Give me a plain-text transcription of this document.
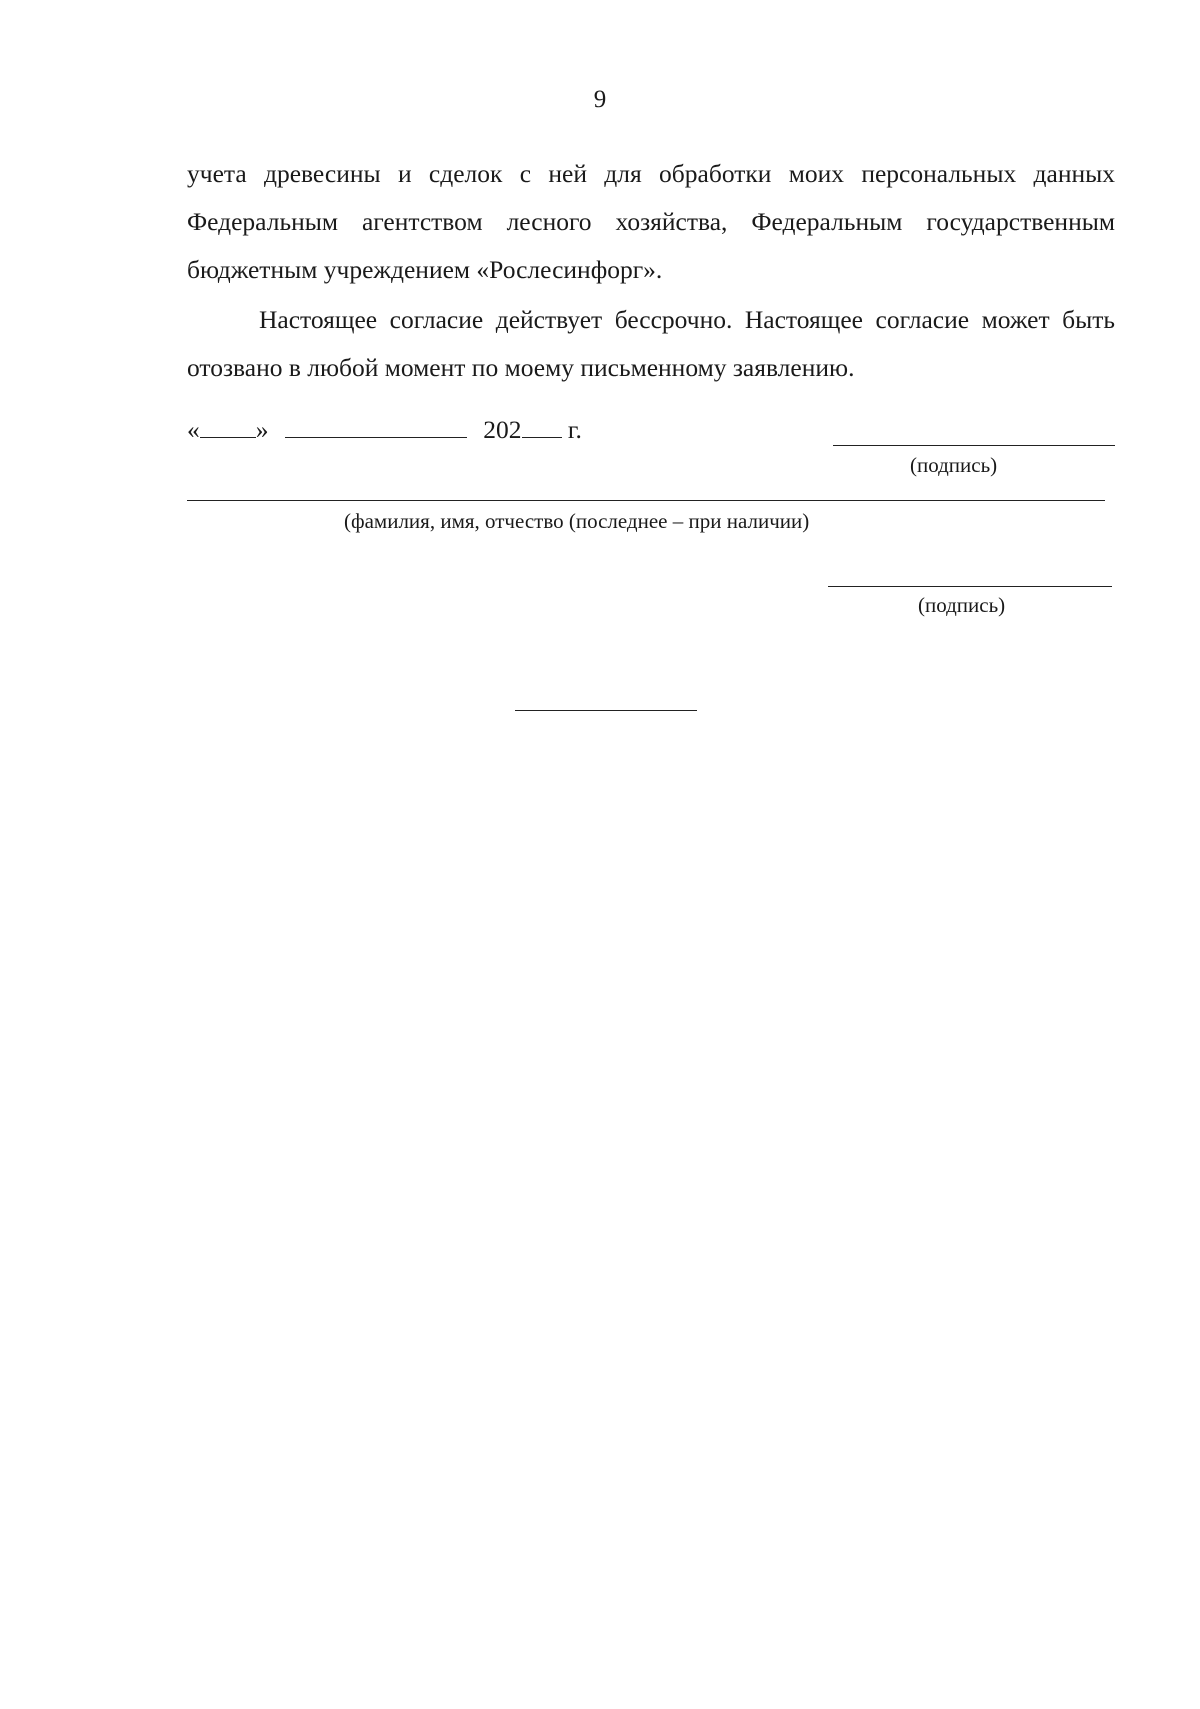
9

учета древесины и сделок с ней для обработки моих персональных данных Федеральным агентством лесного хозяйства, Федеральным государственным бюджетным учреждением «Рослесинфорг».

Настоящее согласие действует бессрочно. Настоящее согласие может быть отозвано в любой момент по моему письменному заявлению.

« »	202 г.
(подпись)
(фамилия, имя, отчество (последнее – при наличии)
(подпись)
